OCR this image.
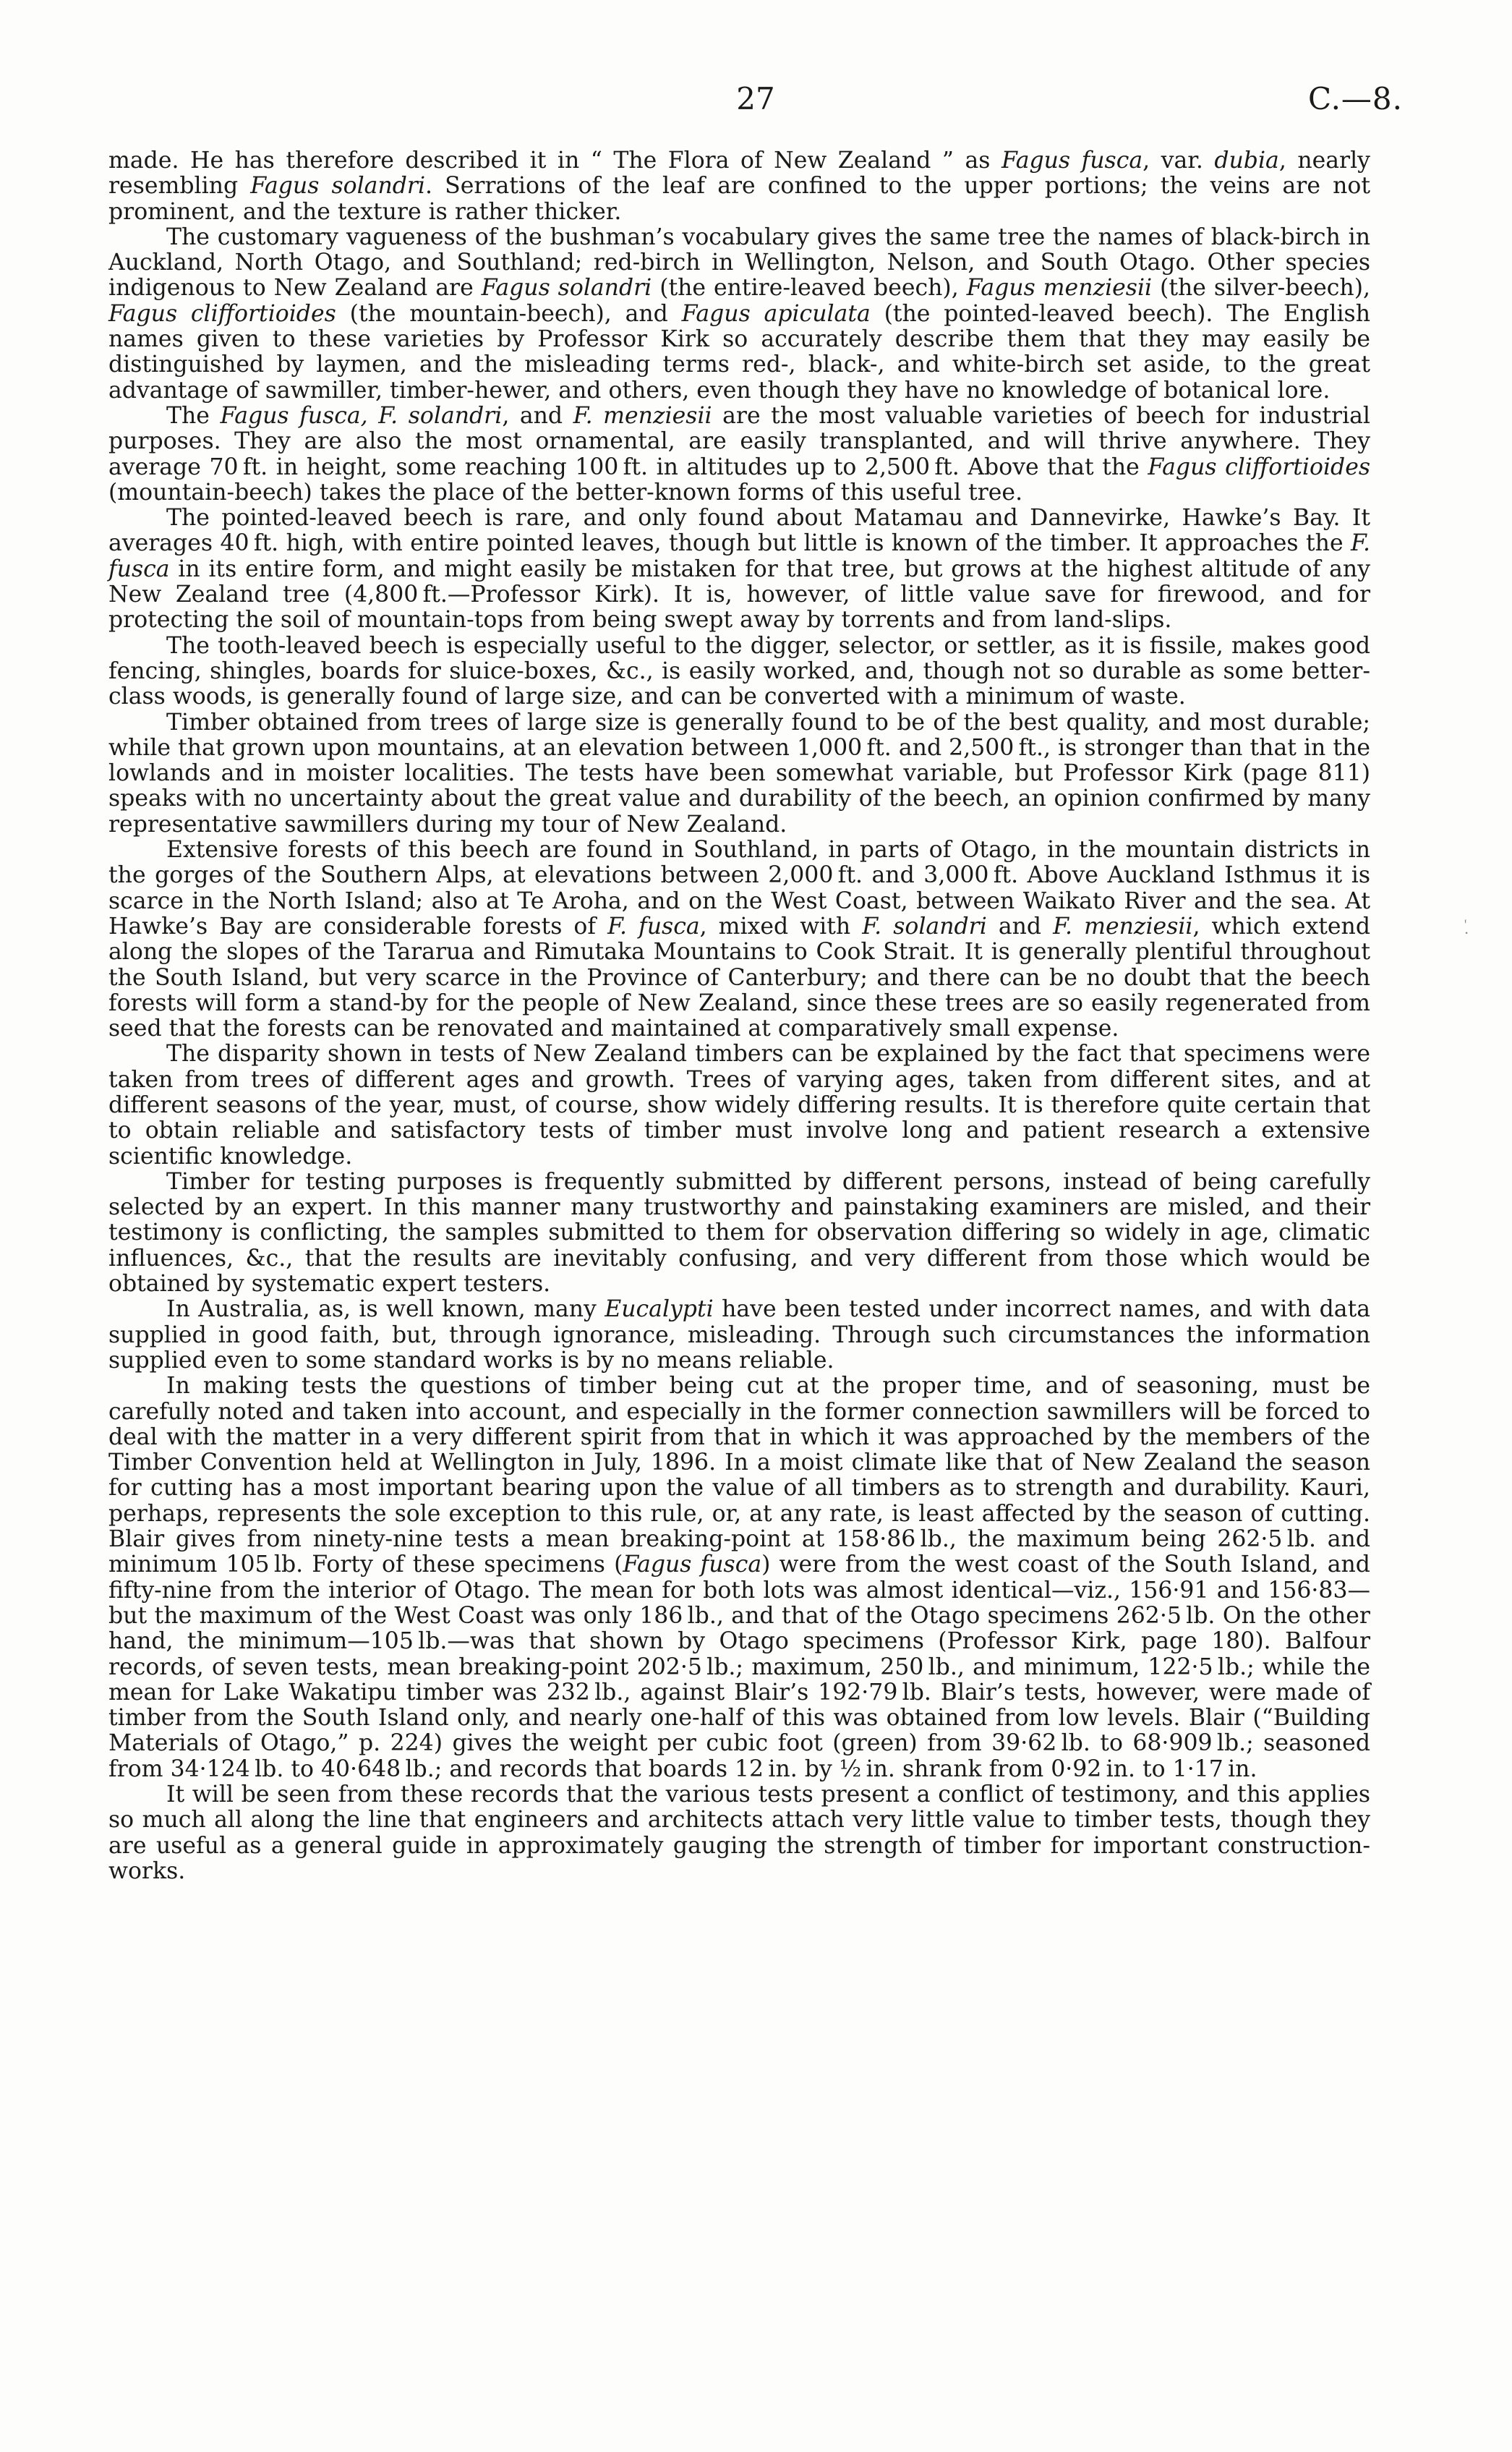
27	C.—8.

made. He has therefore described it in “ The Flora of New Zealand ” as Fagus fusca, var. dubia, nearly resembling Fagus solandri. Serrations of the leaf are confined to the upper portions; the veins are not prominent, and the texture is rather thicker.

The customary vagueness of the bushman’s vocabulary gives the same tree the names of black-birch in Auckland, North Otago, and Southland; red-birch in Wellington, Nelson, and South Otago. Other species indigenous to New Zealand are Fagus solandri (the entire-leaved beech), Fagus menziesii (the silver-beech), Fagus cliffortioides (the mountain-beech), and Fagus apiculata (the pointed-leaved beech). The English names given to these varieties by Professor Kirk so accurately describe them that they may easily be distinguished by laymen, and the misleading terms red-, black-, and white-birch set aside, to the great advantage of sawmiller, timber-hewer, and others, even though they have no knowledge of botanical lore.

The Fagus fusca, F. solandri, and F. menziesii are the most valuable varieties of beech for industrial purposes. They are also the most ornamental, are easily transplanted, and will thrive anywhere. They average 70 ft. in height, some reaching 100 ft. in altitudes up to 2,500 ft. Above that the Fagus cliffortioides (mountain-beech) takes the place of the better-known forms of this useful tree.

The pointed-leaved beech is rare, and only found about Matamau and Dannevirke, Hawke’s Bay. It averages 40 ft. high, with entire pointed leaves, though but little is known of the timber. It approaches the F. fusca in its entire form, and might easily be mistaken for that tree, but grows at the highest altitude of any New Zealand tree (4,800 ft.—Professor Kirk). It is, however, of little value save for firewood, and for protecting the soil of mountain-tops from being swept away by torrents and from land-slips.

The tooth-leaved beech is especially useful to the digger, selector, or settler, as it is fissile, makes good fencing, shingles, boards for sluice-boxes, &c., is easily worked, and, though not so durable as some better-class woods, is generally found of large size, and can be converted with a minimum of waste.

Timber obtained from trees of large size is generally found to be of the best quality, and most durable; while that grown upon mountains, at an elevation between 1,000 ft. and 2,500 ft., is stronger than that in the lowlands and in moister localities. The tests have been somewhat variable, but Professor Kirk (page 811) speaks with no uncertainty about the great value and durability of the beech, an opinion confirmed by many representative sawmillers during my tour of New Zealand.

Extensive forests of this beech are found in Southland, in parts of Otago, in the mountain districts in the gorges of the Southern Alps, at elevations between 2,000 ft. and 3,000 ft. Above Auckland Isthmus it is scarce in the North Island; also at Te Aroha, and on the West Coast, between Waikato River and the sea. At Hawke’s Bay are considerable forests of F. fusca, mixed with F. solandri and F. menziesii, which extend along the slopes of the Tararua and Rimutaka Mountains to Cook Strait. It is generally plentiful throughout the South Island, but very scarce in the Province of Canterbury; and there can be no doubt that the beech forests will form a stand-by for the people of New Zealand, since these trees are so easily regenerated from seed that the forests can be renovated and maintained at comparatively small expense.

The disparity shown in tests of New Zealand timbers can be explained by the fact that specimens were taken from trees of different ages and growth. Trees of varying ages, taken from different sites, and at different seasons of the year, must, of course, show widely differing results. It is therefore quite certain that to obtain reliable and satisfactory tests of timber must involve long and patient research a extensive scientific knowledge.

Timber for testing purposes is frequently submitted by different persons, instead of being carefully selected by an expert. In this manner many trustworthy and painstaking examiners are misled, and their testimony is conflicting, the samples submitted to them for observation differing so widely in age, climatic influences, &c., that the results are inevitably confusing, and very different from those which would be obtained by systematic expert testers.

In Australia, as, is well known, many Eucalypti have been tested under incorrect names, and with data supplied in good faith, but, through ignorance, misleading. Through such circumstances the information supplied even to some standard works is by no means reliable.

In making tests the questions of timber being cut at the proper time, and of seasoning, must be carefully noted and taken into account, and especially in the former connection sawmillers will be forced to deal with the matter in a very different spirit from that in which it was approached by the members of the Timber Convention held at Wellington in July, 1896. In a moist climate like that of New Zealand the season for cutting has a most important bearing upon the value of all timbers as to strength and durability. Kauri, perhaps, represents the sole exception to this rule, or, at any rate, is least affected by the season of cutting. Blair gives from ninety-nine tests a mean breaking-point at 158·86 lb., the maximum being 262·5 lb. and minimum 105 lb. Forty of these specimens (Fagus fusca) were from the west coast of the South Island, and fifty-nine from the interior of Otago. The mean for both lots was almost identical—viz., 156·91 and 156·83—but the maximum of the West Coast was only 186 lb., and that of the Otago specimens 262·5 lb. On the other hand, the minimum—105 lb.—was that shown by Otago specimens (Professor Kirk, page 180). Balfour records, of seven tests, mean breaking-point 202·5 lb.; maximum, 250 lb., and minimum, 122·5 lb.; while the mean for Lake Wakatipu timber was 232 lb., against Blair’s 192·79 lb. Blair’s tests, however, were made of timber from the South Island only, and nearly one-half of this was obtained from low levels. Blair (“Building Materials of Otago,” p. 224) gives the weight per cubic foot (green) from 39·62 lb. to 68·909 lb.; seasoned from 34·124 lb. to 40·648 lb.; and records that boards 12 in. by ½ in. shrank from 0·92 in. to 1·17 in.

It will be seen from these records that the various tests present a conflict of testimony, and this applies so much all along the line that engineers and architects attach very little value to timber tests, though they are useful as a general guide in approximately gauging the strength of timber for important construction-works.

.´
